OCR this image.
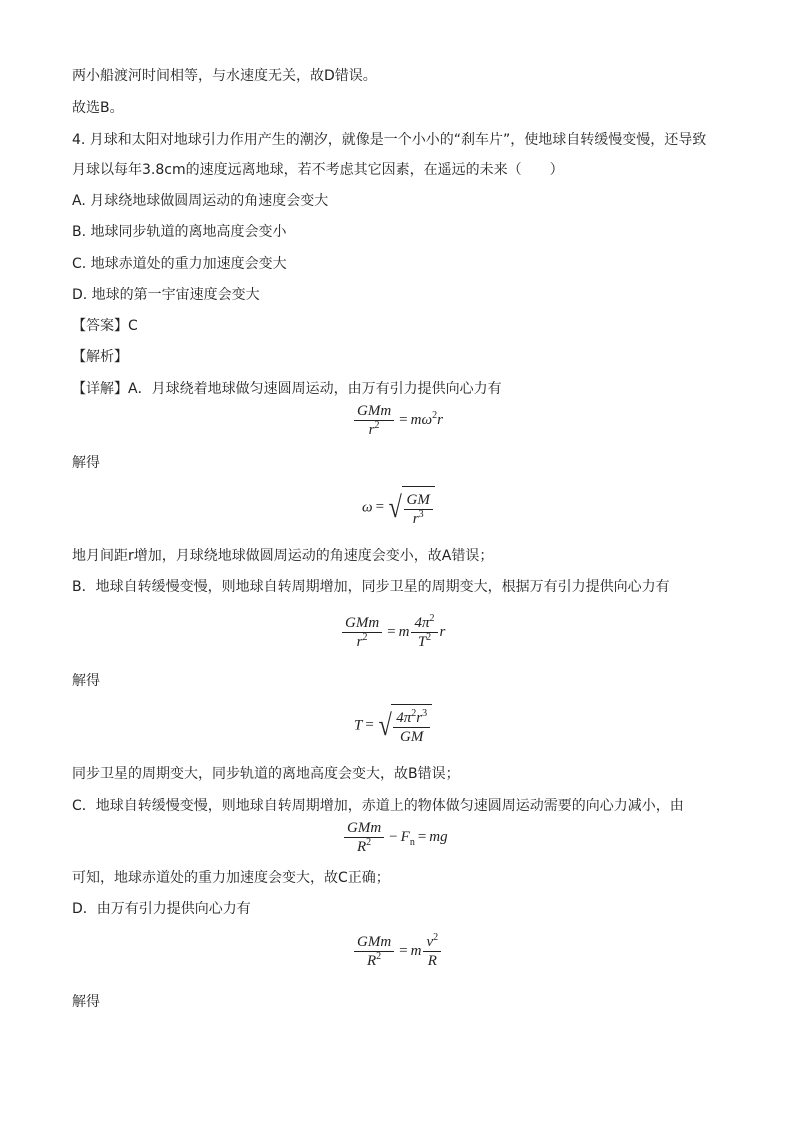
两小船渡河时间相等，与水速度无关，故D错误。
故选B。
4. 月球和太阳对地球引力作用产生的潮汐，就像是一个小小的“刹车片”，使地球自转缓慢变慢，还导致
月球以每年3.8cm的速度远离地球，若不考虑其它因素，在遥远的未来（　　）
A. 月球绕地球做圆周运动的角速度会变大
B. 地球同步轨道的离地高度会变小
C. 地球赤道处的重力加速度会变大
D. 地球的第一宇宙速度会变大
【答案】C
【解析】
【详解】A．月球绕着地球做匀速圆周运动，由万有引力提供向心力有
$\frac{\text{GMm}}{r^2} = m\omega^2r$
解得
ω = √ $\frac{GM}{r^3}$
地月间距r增加，月球绕地球做圆周运动的角速度会变小，故A错误；
B．地球自转缓慢变慢，则地球自转周期增加，同步卫星的周期变大，根据万有引力提供向心力有
$\frac{\text{GMm}}{r^2} = m \frac{4\pi^2}{T^2}$ r
解得
T = √ $\frac{4\pi^2r^3}{GM}$
同步卫星的周期变大，同步轨道的离地高度会变大，故B错误；
C．地球自转缓慢变慢，则地球自转周期增加，赤道上的物体做匀速圆周运动需要的向心力减小，由
$\frac{\text{GMm}}{R^2} - F_n$ = mg
可知，地球赤道处的重力加速度会变大，故C正确；
D．由万有引力提供向心力有
$\frac{\text{GMm}}{R^2} = m \frac{v^2}{R}$
解得
